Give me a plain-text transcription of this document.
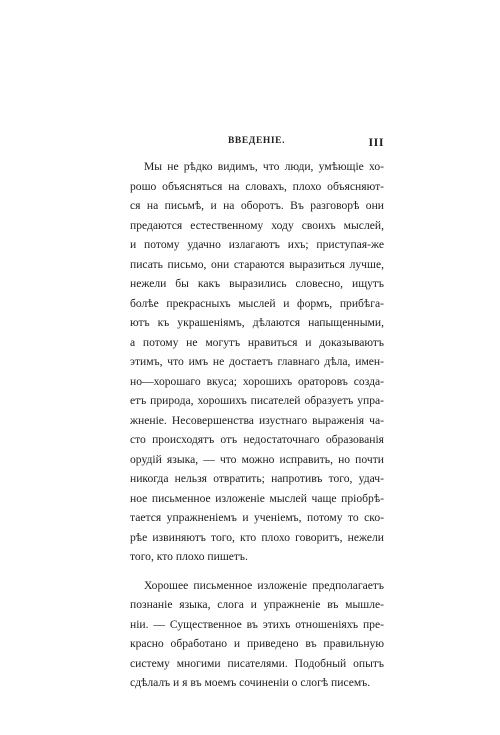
ВВЕДЕНІЕ.	III

Мы не рѣдко видимъ, что люди, умѣющіе хо-
рошо объясняться на словахъ, плохо объясняют-
ся на письмѣ, и на оборотъ. Въ разговорѣ они
предаются естественному ходу своихъ мыслей,
и потому удачно излагаютъ ихъ; приступая-же
писать письмо, они стараются выразиться лучше,
нежели бы какъ выразились словесно, ищутъ
болѣе прекрасныхъ мыслей и формъ, прибѣга-
ютъ къ украшеніямъ, дѣлаются напыщенными,
а потому не могутъ нравиться и доказываютъ
этимъ, что имъ не достаетъ главнаго дѣла, имен-
но—хорошаго вкуса; хорошихъ ораторовъ созда-
етъ природа, хорошихъ писателей образуетъ упра-
жненіе. Несовершенства изустнаго выраженія ча-
сто происходятъ отъ недостаточнаго образованія
орудій языка, — что можно исправить, но почти
никогда нельзя отвратить; напротивъ того, удач-
ное письменное изложеніе мыслей чаще пріобрѣ-
тается упражненіемъ и ученіемъ, потому то ско-
рѣе извиняютъ того, кто плохо говоритъ, нежели
того, кто плохо пишетъ.

Хорошее письменное изложеніе предполагаетъ
познаніе языка, слога и упражненіе въ мышле-
ніи. — Существенное въ этихъ отношеніяхъ пре-
красно обработано и приведено въ правильную
систему многими писателями. Подобный опытъ
сдѣлалъ и я въ моемъ сочиненіи о слогѣ писемъ.
